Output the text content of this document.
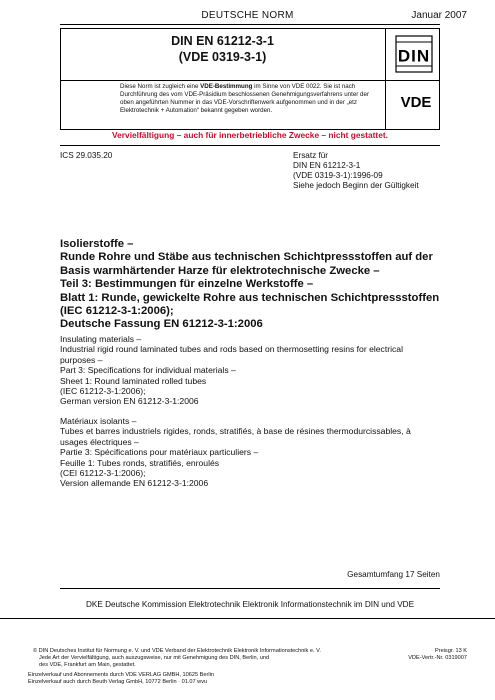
DEUTSCHE NORM	Januar 2007
DIN EN 61212-3-1
(VDE 0319-3-1)	DIN
Diese Norm ist zugleich eine VDE-Bestimmung im Sinne von VDE 0022. Sie ist nach Durchführung des vom VDE-Präsidium beschlossenen Genehmigungsverfahrens unter der oben angeführten Nummer in das VDE-Vorschriftenwerk aufgenommen und in der „etz Elektrotechnik + Automation“ bekannt gegeben worden.	VDE
Vervielfältigung – auch für innerbetriebliche Zwecke – nicht gestattet.
ICS 29.035.20	Ersatz für
DIN EN 61212-3-1
(VDE 0319-3-1):1996-09
Siehe jedoch Beginn der Gültigkeit
Isolierstoffe –
Runde Rohre und Stäbe aus technischen Schichtpressstoffen auf der
Basis warmhärtender Harze für elektrotechnische Zwecke –
Teil 3: Bestimmungen für einzelne Werkstoffe –
Blatt 1: Runde, gewickelte Rohre aus technischen Schichtpressstoffen
(IEC 61212-3-1:2006);
Deutsche Fassung EN 61212-3-1:2006
Insulating materials –
Industrial rigid round laminated tubes and rods based on thermosetting resins for electrical
purposes –
Part 3: Specifications for individual materials –
Sheet 1: Round laminated rolled tubes
(IEC 61212-3-1:2006);
German version EN 61212-3-1:2006
Matériaux isolants –
Tubes et barres industriels rigides, ronds, stratifiés, à base de résines thermodurcissables, à
usages électriques –
Partie 3: Spécifications pour matériaux particuliers –
Feuille 1: Tubes ronds, stratifiés, enroulés
(CEI 61212-3-1:2006);
Version allemande EN 61212-3-1:2006
Gesamtumfang 17 Seiten
DKE Deutsche Kommission Elektrotechnik Elektronik Informationstechnik im DIN und VDE
© DIN Deutsches Institut für Normung e. V. und VDE Verband der Elektrotechnik Elektronik Informationstechnik e. V.
Jede Art der Vervielfältigung, auch auszugsweise, nur mit Genehmigung des DIN, Berlin, und
des VDE, Frankfurt am Main, gestattet.
Preisgr. 13 K
VDE-Vertr.-Nr. 0319007
Einzelverkauf und Abonnements durch VDE VERLAG GMBH, 10625 Berlin
Einzelverkauf auch durch Beuth Verlag GmbH, 10772 Berlin · 01.07 wvu
